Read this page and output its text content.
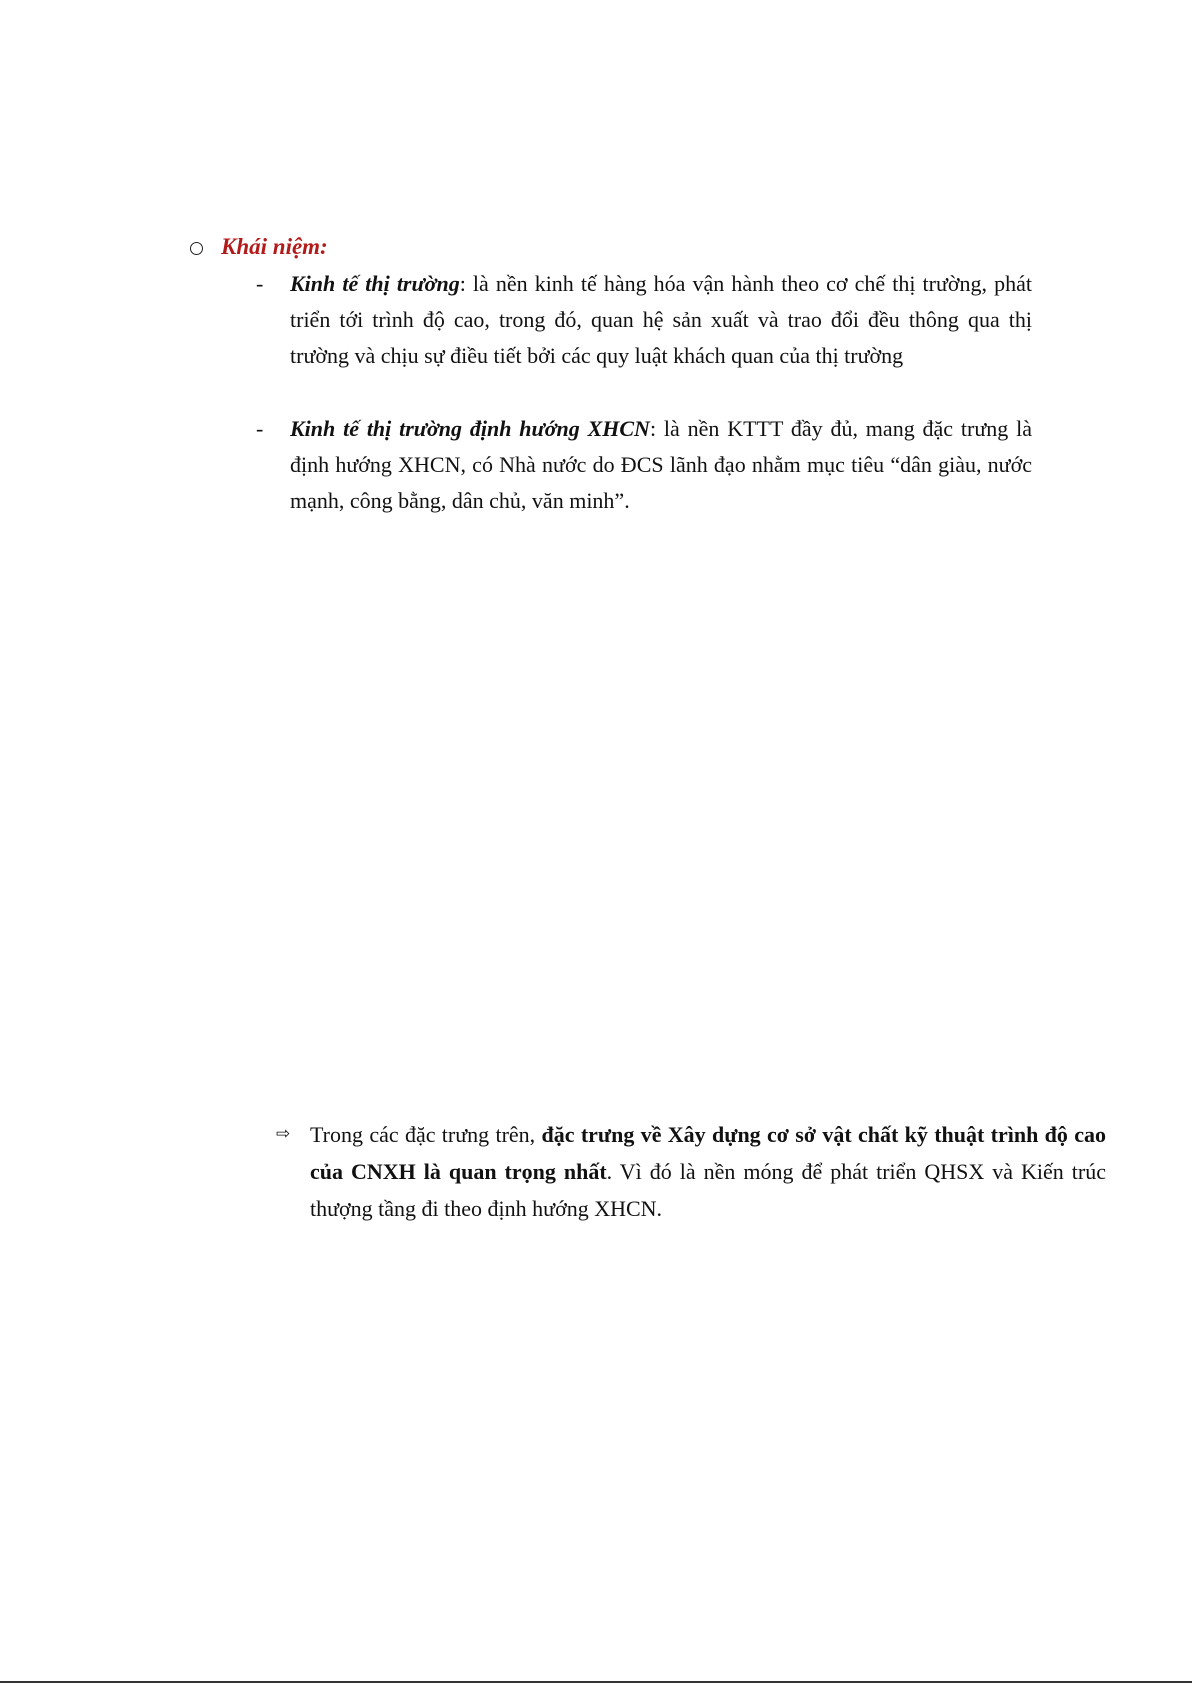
Khái niệm:
-	Kinh tế thị trường: là nền kinh tế hàng hóa vận hành theo cơ chế thị trường, phát triển tới trình độ cao, trong đó, quan hệ sản xuất và trao đổi đều thông qua thị trường và chịu sự điều tiết bởi các quy luật khách quan của thị trường
-	Kinh tế thị trường định hướng XHCN: là nền KTTT đầy đủ, mang đặc trưng là định hướng XHCN, có Nhà nước do ĐCS lãnh đạo nhằm mục tiêu “dân giàu, nước mạnh, công bằng, dân chủ, văn minh”.
⇨ Trong các đặc trưng trên, đặc trưng về Xây dựng cơ sở vật chất kỹ thuật trình độ cao của CNXH là quan trọng nhất. Vì đó là nền móng để phát triển QHSX và Kiến trúc thượng tầng đi theo định hướng XHCN.
